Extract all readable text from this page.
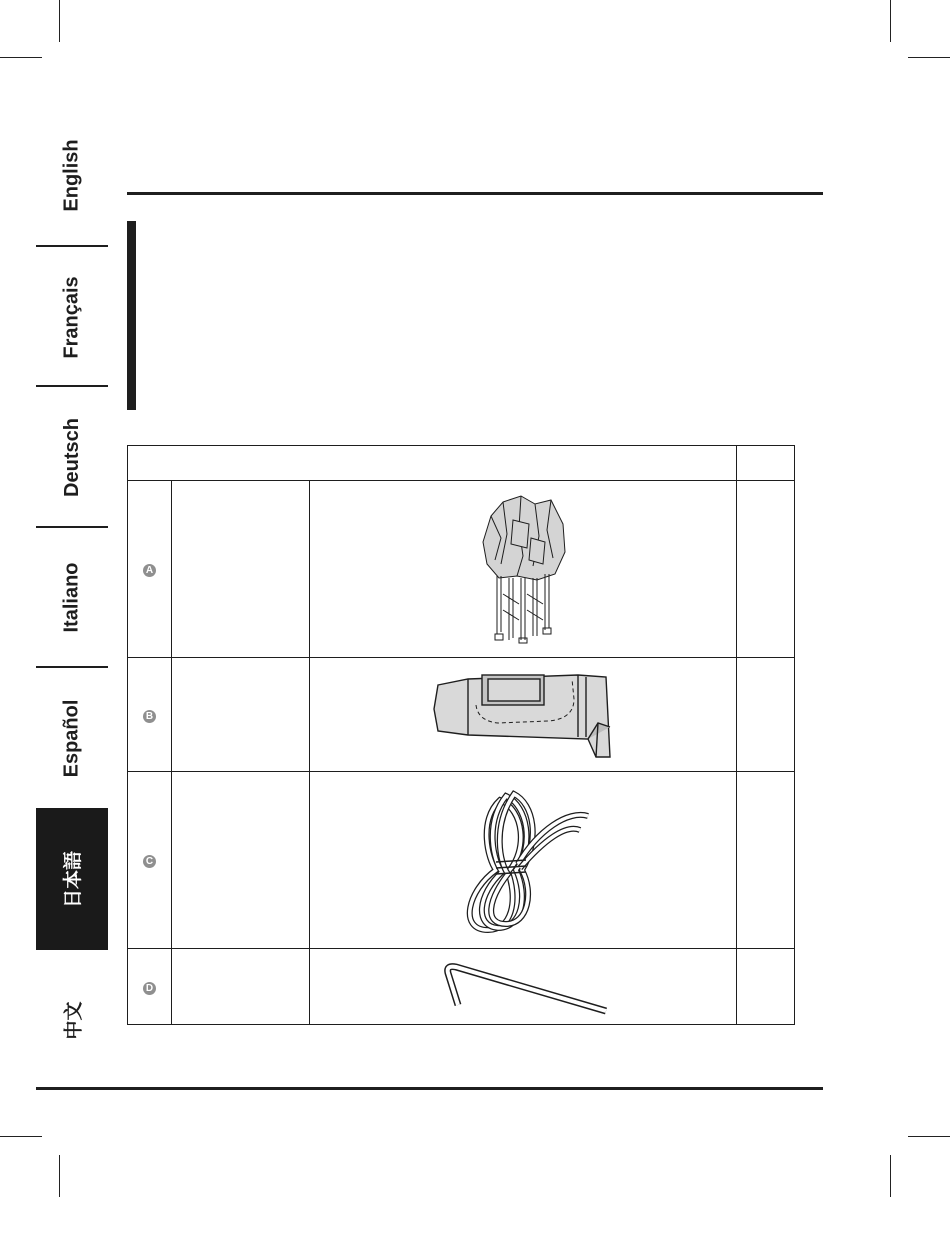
English
Français
Deutsch
Italiano
Español
日本語
中文

A		

B		

C		

D		
